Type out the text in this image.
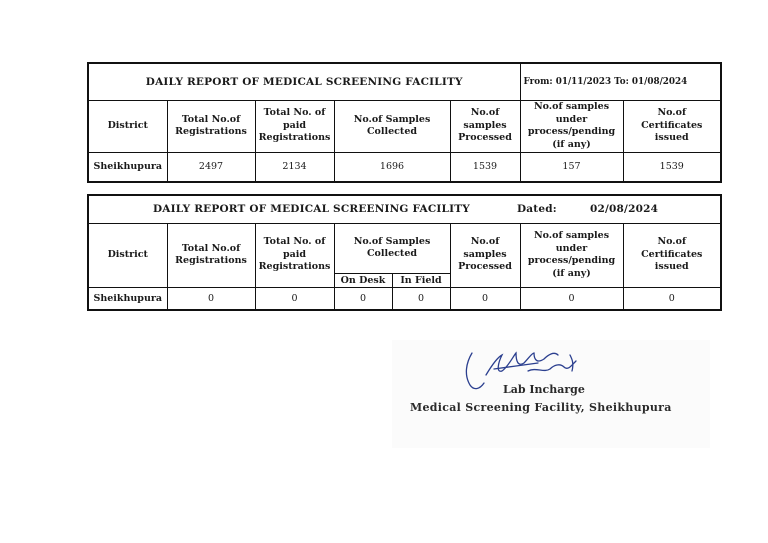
DAILY REPORT OF MEDICAL SCREENING FACILITY					From: 01/11/2023 To: 01/08/2024	
District	Total No.of Registrations	Total No. of paid Registrations	No.of Samples Collected	No.of samples Processed	No.of samples under process/pending (if any)	No.of Certificates issued
Sheikhupura	2497	2134	1696	1539	157	1539
DAILY REPORT OF MEDICAL SCREENING FACILITY Dated: 02/08/2024							

District	Total No.of Registrations	Total No. of paid Registrations	No.of Samples Collected		No.of samples Processed	No.of samples under process/pending (if any)	No.of Certificates issued
			On Desk	In Field			
Sheikhupura	0	0	0	0	0	0	0
Lab Incharge
Medical Screening Facility, Sheikhupura
